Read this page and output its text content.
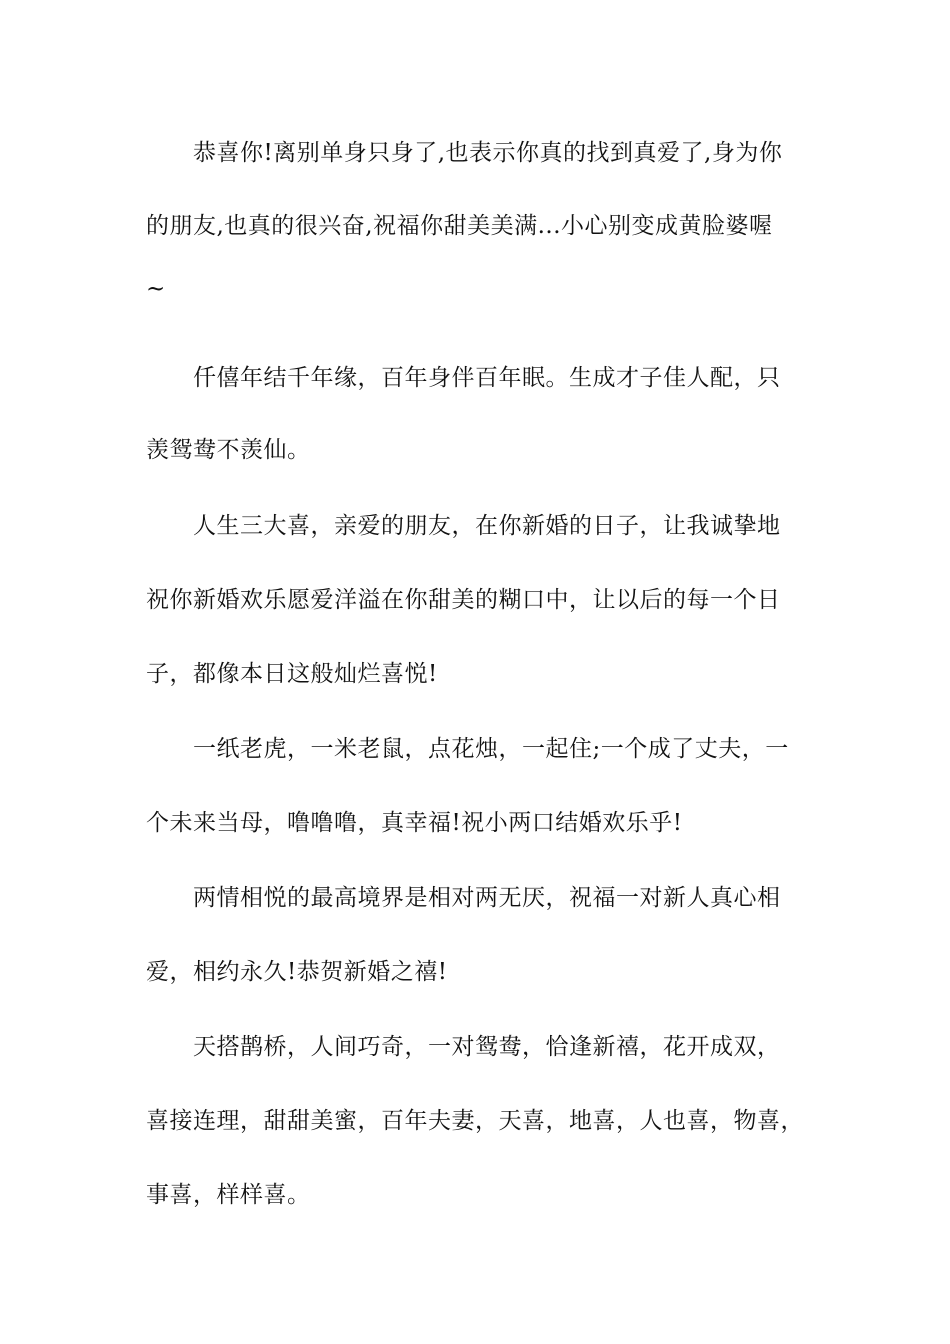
恭喜你!离别单身只身了,也表示你真的找到真爱了,身为你
的朋友,也真的很兴奋,祝福你甜美美满...小心别变成黄脸婆喔
~
仟僖年结千年缘，百年身伴百年眠。生成才子佳人配，只
羡鸳鸯不羡仙。
人生三大喜，亲爱的朋友，在你新婚的日子，让我诚挚地
祝你新婚欢乐愿爱洋溢在你甜美的糊口中，让以后的每一个日
子，都像本日这般灿烂喜悦!
一纸老虎，一米老鼠，点花烛，一起住;一个成了丈夫，一
个未来当母，噜噜噜，真幸福!祝小两口结婚欢乐乎!
两情相悦的最高境界是相对两无厌，祝福一对新人真心相
爱，相约永久!恭贺新婚之禧!
天搭鹊桥，人间巧奇，一对鸳鸯，恰逢新禧，花开成双，
喜接连理，甜甜美蜜，百年夫妻，天喜，地喜，人也喜，物喜，
事喜，样样喜。
